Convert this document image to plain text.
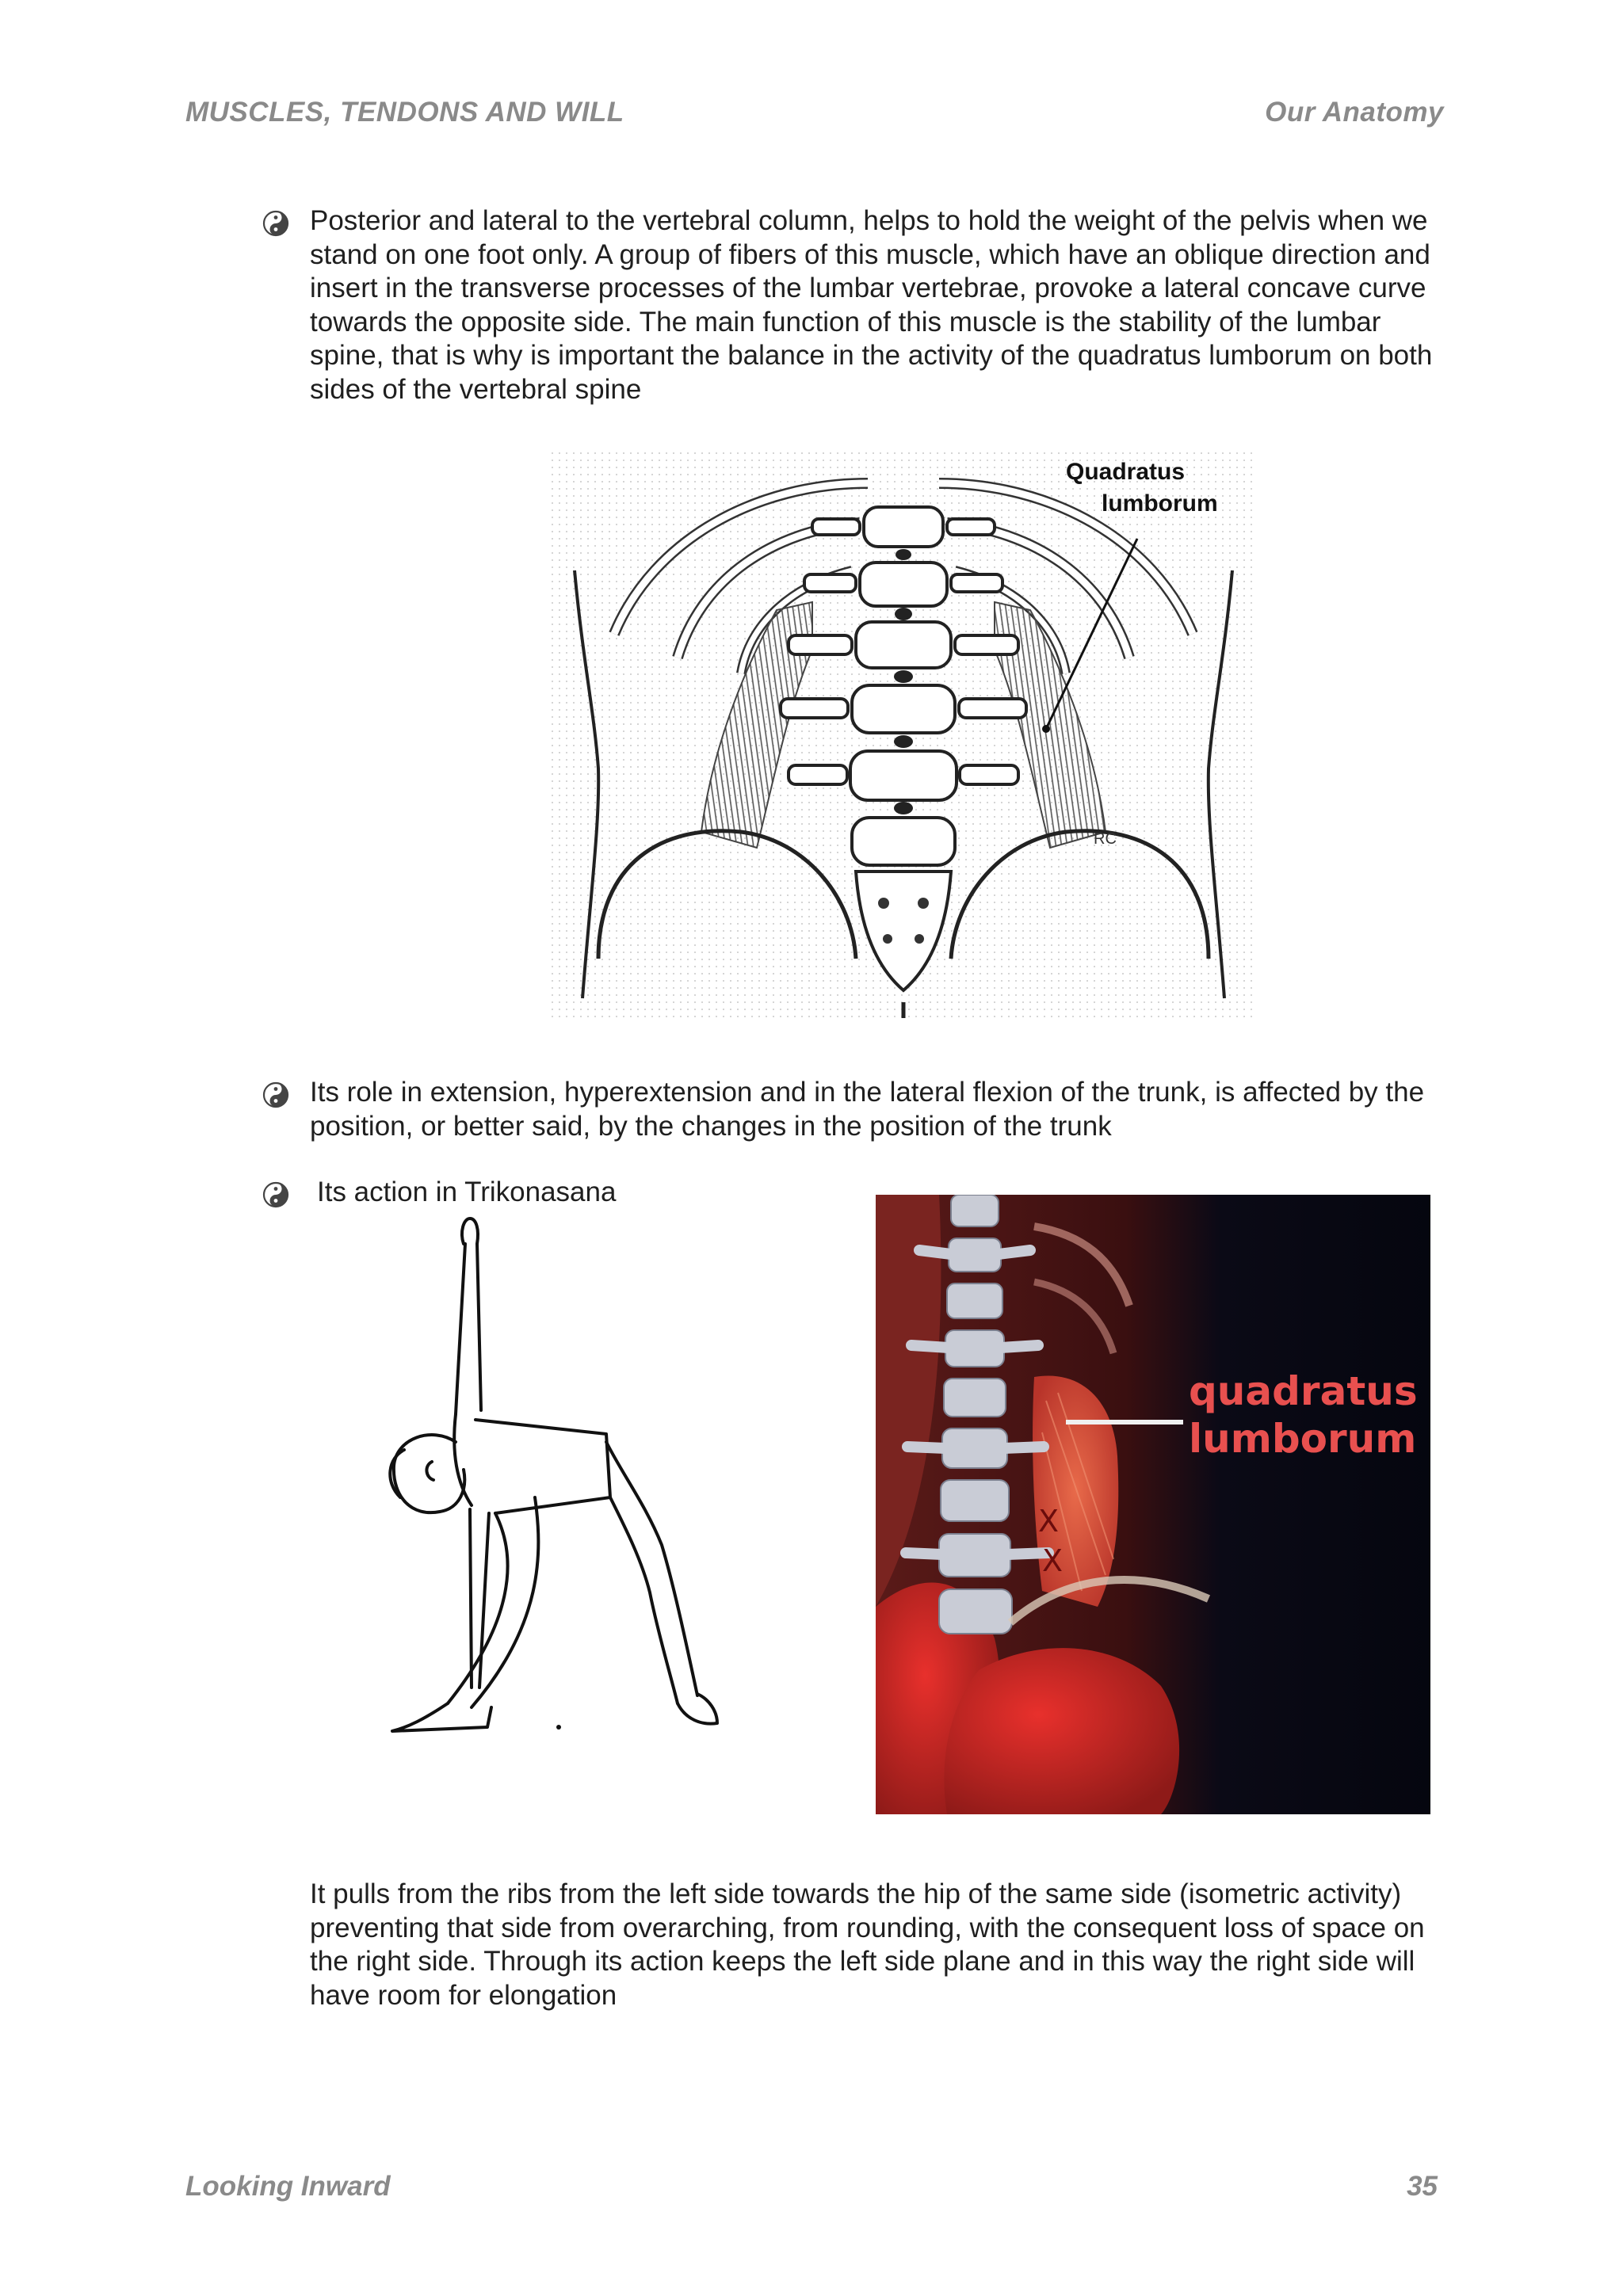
MUSCLES, TENDONS AND WILL	Our Anatomy
Posterior and lateral to the vertebral column, helps to hold the weight of the pelvis when we stand on one foot only. A group of fibers of this muscle, which have an oblique direction and insert in the transverse processes of the lumbar vertebrae, provoke a lateral concave curve towards the opposite side. The main function of this muscle is the stability of the lumbar spine, that is why is important the balance in the activity of the quadratus lumborum on both sides of the vertebral spine
Quadratus
lumborum
RC
Its role in extension, hyperextension and in the lateral flexion of the trunk, is affected by the position, or better said, by the changes in the position of the trunk
Its action in Trikonasana
quadratus
lumborum
X
X
It pulls from the ribs from the left side towards the hip of the same side (isometric activity) preventing that side from overarching, from rounding, with the consequent loss of space on the right side. Through its action keeps the left side plane and in this way the right side will have room for elongation
Looking Inward	35
